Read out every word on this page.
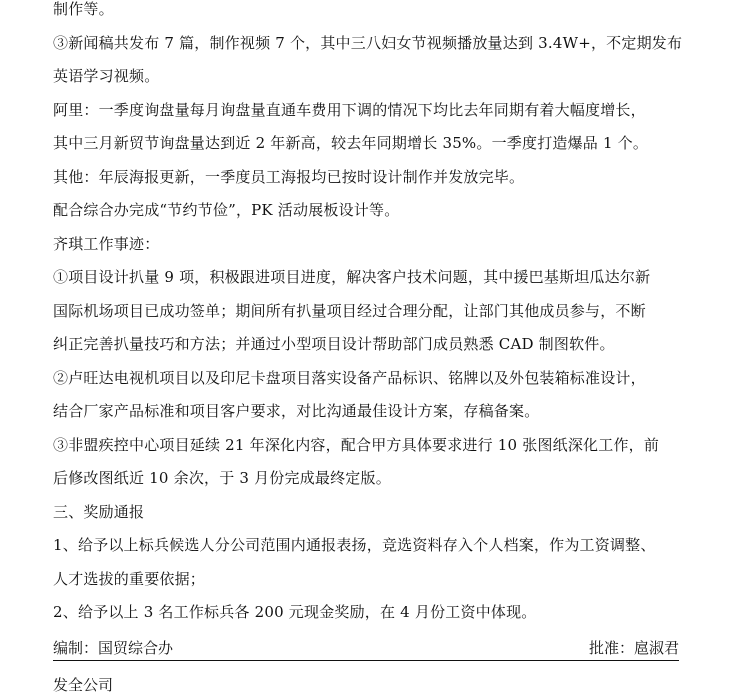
制作等。
③新闻稿共发布 7 篇，制作视频 7 个，其中三八妇女节视频播放量达到 3.4W+，不定期发布
英语学习视频。
阿里：一季度询盘量每月询盘量直通车费用下调的情况下均比去年同期有着大幅度增长，
其中三月新贸节询盘量达到近 2 年新高，较去年同期增长 35%。一季度打造爆品 1 个。
其他：年辰海报更新，一季度员工海报均已按时设计制作并发放完毕。
配合综合办完成“节约节俭”，PK 活动展板设计等。
齐琪工作事迹：
①项目设计扒量 9 项，积极跟进项目进度，解决客户技术问题，其中援巴基斯坦瓜达尔新
国际机场项目已成功签单；期间所有扒量项目经过合理分配，让部门其他成员参与，不断
纠正完善扒量技巧和方法；并通过小型项目设计帮助部门成员熟悉 CAD 制图软件。
②卢旺达电视机项目以及印尼卡盘项目落实设备产品标识、铭牌以及外包装箱标准设计，
结合厂家产品标准和项目客户要求，对比沟通最佳设计方案，存稿备案。
③非盟疾控中心项目延续 21 年深化内容，配合甲方具体要求进行 10 张图纸深化工作，前
后修改图纸近 10 余次，于 3 月份完成最终定版。
三、奖励通报
1、给予以上标兵候选人分公司范围内通报表扬，竞选资料存入个人档案，作为工资调整、
人才选拔的重要依据；
2、给予以上 3 名工作标兵各 200 元现金奖励，在 4 月份工资中体现。
编制：国贸综合办	批准：扈淑君
发全公司
